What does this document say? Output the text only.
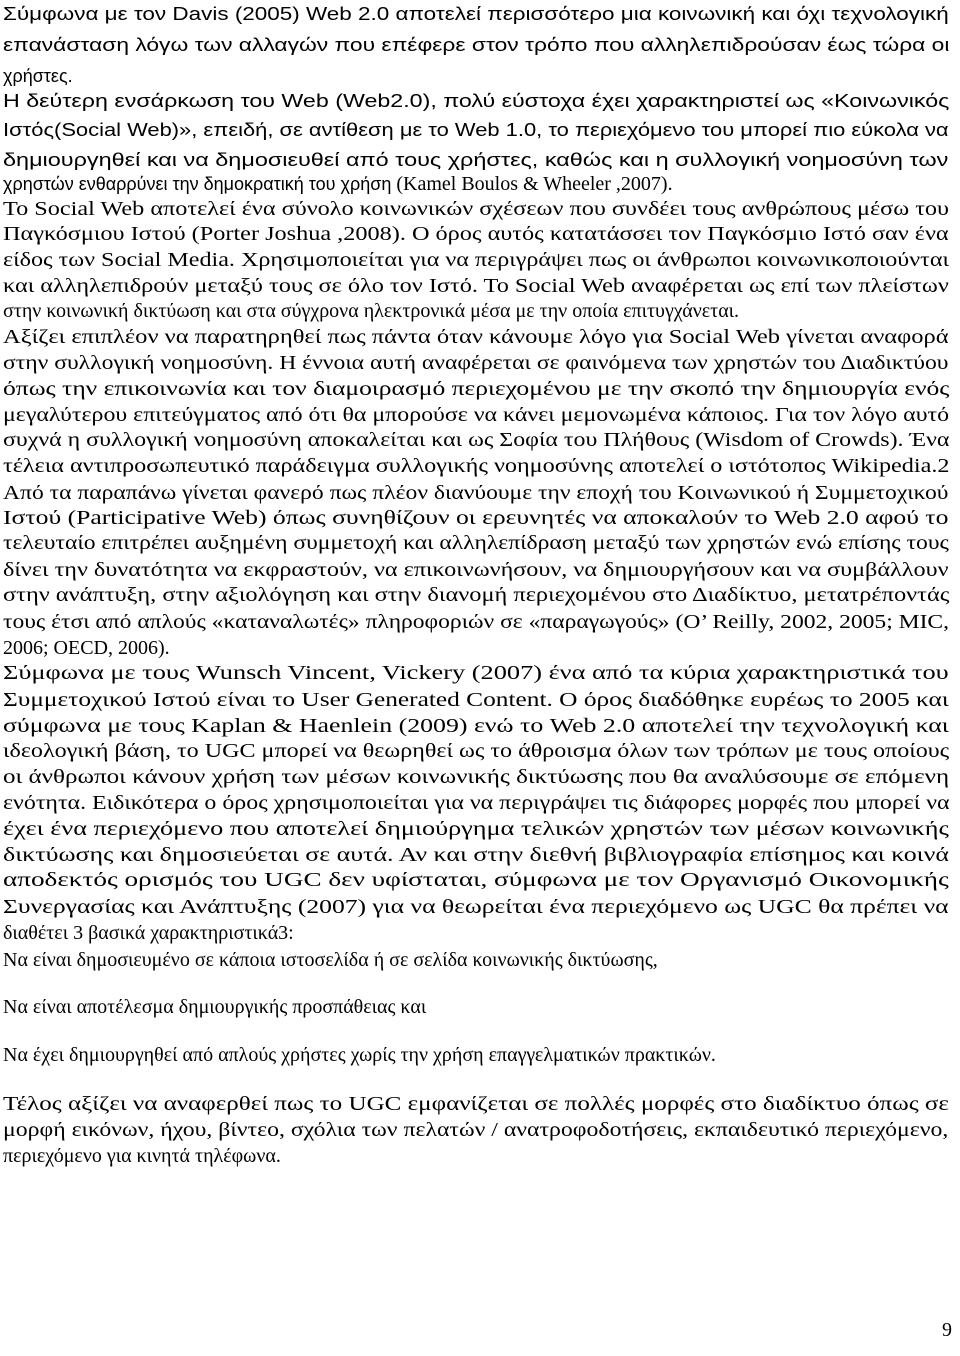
Σύμφωνα με τον Davis (2005) Web 2.0 αποτελεί περισσότερο μια κοινωνική και όχι τεχνολογική
επανάσταση λόγω των αλλαγών που επέφερε στον τρόπο που αλληλεπιδρούσαν έως τώρα οι
χρήστες.
Η δεύτερη ενσάρκωση του Web (Web2.0), πολύ εύστοχα έχει χαρακτηριστεί ως «Κοινωνικός
Ιστός(Social Web)», επειδή, σε αντίθεση με το Web 1.0, το περιεχόμενο του μπορεί πιο εύκολα να
δημιουργηθεί και να δημοσιευθεί από τους χρήστες, καθώς και η συλλογική νοημοσύνη των
χρηστών ενθαρρύνει την δημοκρατική του χρήση (Kamel Boulos & Wheeler ,2007).
Το Social Web αποτελεί ένα σύνολο κοινωνικών σχέσεων που συνδέει τους ανθρώπους μέσω του
Παγκόσμιου Ιστού (Porter Joshua ,2008). Ο όρος αυτός κατατάσσει τον Παγκόσμιο Ιστό σαν ένα
είδος των Social Media. Χρησιμοποιείται για να περιγράψει πως οι άνθρωποι κοινωνικοποιούνται
και αλληλεπιδρούν μεταξύ τους σε όλο τον Ιστό. Το Social Web αναφέρεται ως επί των πλείστων
στην κοινωνική δικτύωση και στα σύγχρονα ηλεκτρονικά μέσα με την οποία επιτυγχάνεται.
Αξίζει επιπλέον να παρατηρηθεί πως πάντα όταν κάνουμε λόγο για Social Web γίνεται αναφορά
στην συλλογική νοημοσύνη. Η έννοια αυτή αναφέρεται σε φαινόμενα των χρηστών του Διαδικτύου
όπως την επικοινωνία και τον διαμοιρασμό περιεχομένου με την σκοπό την δημιουργία ενός
μεγαλύτερου επιτεύγματος από ότι θα μπορούσε να κάνει μεμονωμένα κάποιος. Για τον λόγο αυτό
συχνά η συλλογική νοημοσύνη αποκαλείται και ως Σοφία του Πλήθους (Wisdom of Crowds). Ένα
τέλεια αντιπροσωπευτικό παράδειγμα συλλογικής νοημοσύνης αποτελεί ο ιστότοπος Wikipedia.2
Από τα παραπάνω γίνεται φανερό πως πλέον διανύουμε την εποχή του Κοινωνικού ή Συμμετοχικού
Ιστού (Participative Web) όπως συνηθίζουν οι ερευνητές να αποκαλούν το Web 2.0 αφού το
τελευταίο επιτρέπει αυξημένη συμμετοχή και αλληλεπίδραση μεταξύ των χρηστών ενώ επίσης τους
δίνει την δυνατότητα να εκφραστούν, να επικοινωνήσουν, να δημιουργήσουν και να συμβάλλουν
στην ανάπτυξη, στην αξιολόγηση και στην διανομή περιεχομένου στο Διαδίκτυο, μετατρέποντάς
τους έτσι από απλούς «καταναλωτές» πληροφοριών σε «παραγωγούς» (O’ Reilly, 2002, 2005; MIC,
2006; OECD, 2006).
Σύμφωνα με τους Wunsch Vincent, Vickery (2007) ένα από τα κύρια χαρακτηριστικά του
Συμμετοχικού Ιστού είναι το User Generated Content. Ο όρος διαδόθηκε ευρέως το 2005 και
σύμφωνα με τους Kaplan & Haenlein (2009) ενώ το Web 2.0 αποτελεί την τεχνολογική και
ιδεολογική βάση, το UGC μπορεί να θεωρηθεί ως το άθροισμα όλων των τρόπων με τους οποίους
οι άνθρωποι κάνουν χρήση των μέσων κοινωνικής δικτύωσης που θα αναλύσουμε σε επόμενη
ενότητα. Ειδικότερα ο όρος χρησιμοποιείται για να περιγράψει τις διάφορες μορφές που μπορεί να
έχει ένα περιεχόμενο που αποτελεί δημιούργημα τελικών χρηστών των μέσων κοινωνικής
δικτύωσης και δημοσιεύεται σε αυτά. Αν και στην διεθνή βιβλιογραφία επίσημος και κοινά
αποδεκτός ορισμός του UGC δεν υφίσταται, σύμφωνα με τον Οργανισμό Οικονομικής
Συνεργασίας και Ανάπτυξης (2007) για να θεωρείται ένα περιεχόμενο ως UGC θα πρέπει να
διαθέτει 3 βασικά χαρακτηριστικά3:
Να είναι δημοσιευμένο σε κάποια ιστοσελίδα ή σε σελίδα κοινωνικής δικτύωσης,
Να είναι αποτέλεσμα δημιουργικής προσπάθειας και
Να έχει δημιουργηθεί από απλούς χρήστες χωρίς την χρήση επαγγελματικών πρακτικών.
Τέλος αξίζει να αναφερθεί πως το UGC εμφανίζεται σε πολλές μορφές στο διαδίκτυο όπως σε
μορφή εικόνων, ήχου, βίντεο, σχόλια των πελατών / ανατροφοδοτήσεις, εκπαιδευτικό περιεχόμενο,
περιεχόμενο για κινητά τηλέφωνα.
9
